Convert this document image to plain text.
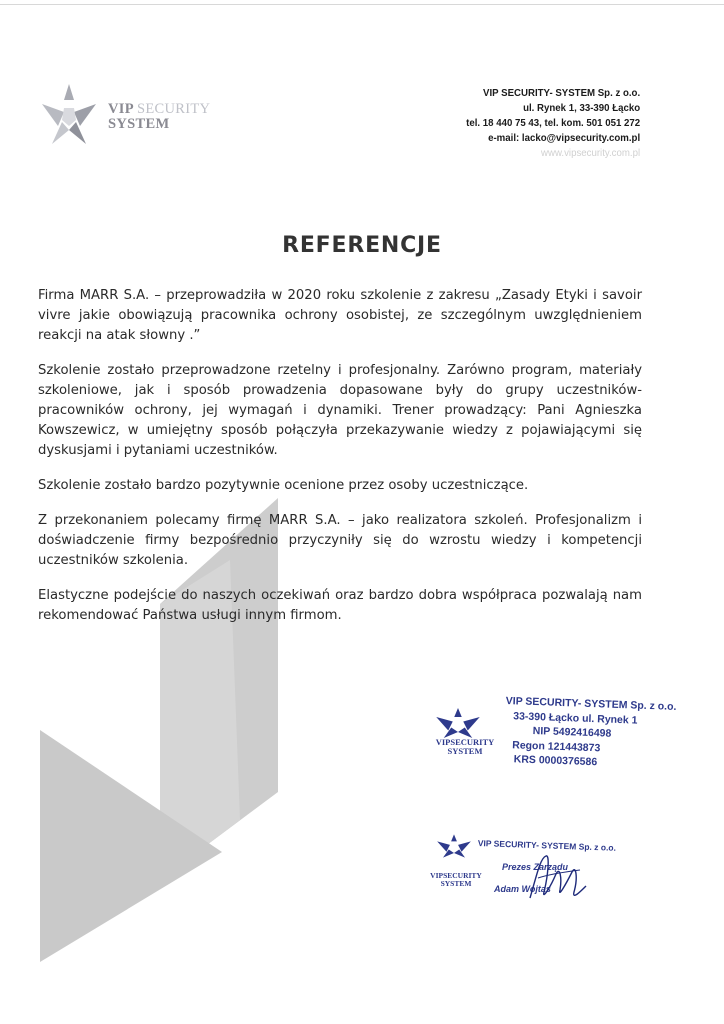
VIP SECURITY
SYSTEM
VIP SECURITY- SYSTEM Sp. z o.o.
ul. Rynek 1, 33-390 Łącko
tel. 18 440 75 43, tel. kom. 501 051 272
e-mail: lacko@vipsecurity.com.pl
www.vipsecurity.com.pl
REFERENCJE

Firma MARR S.A. – przeprowadziła w 2020 roku szkolenie z zakresu „Zasady Etyki i savoir vivre jakie obowiązują pracownika ochrony osobistej, ze szczególnym uwzględnieniem reakcji na atak słowny .”

Szkolenie zostało przeprowadzone rzetelny i profesjonalny. Zarówno program, materiały szkoleniowe, jak i sposób prowadzenia dopasowane były do grupy uczestników-pracowników ochrony, jej wymagań i dynamiki. Trener prowadzący: Pani Agnieszka Kowszewicz, w umiejętny sposób połączyła przekazywanie wiedzy z pojawiającymi się dyskusjami i pytaniami uczestników.

Szkolenie zostało bardzo pozytywnie ocenione przez osoby uczestniczące.

Z przekonaniem polecamy firmę MARR S.A. – jako realizatora szkoleń. Profesjonalizm i doświadczenie firmy bezpośrednio przyczyniły się do wzrostu wiedzy i kompetencji uczestników szkolenia.

Elastyczne podejście do naszych oczekiwań oraz bardzo dobra współpraca pozwalają nam rekomendować Państwa usługi innym firmom.

VIPSECURITY
SYSTEM
VIP SECURITY- SYSTEM Sp. z o.o.
33-390 Łącko ul. Rynek 1
NIP 5492416498
Regon 121443873
KRS 0000376586
VIPSECURITY
SYSTEM
VIP SECURITY- SYSTEM Sp. z o.o.
Prezes Zarządu
Adam Wojtas
